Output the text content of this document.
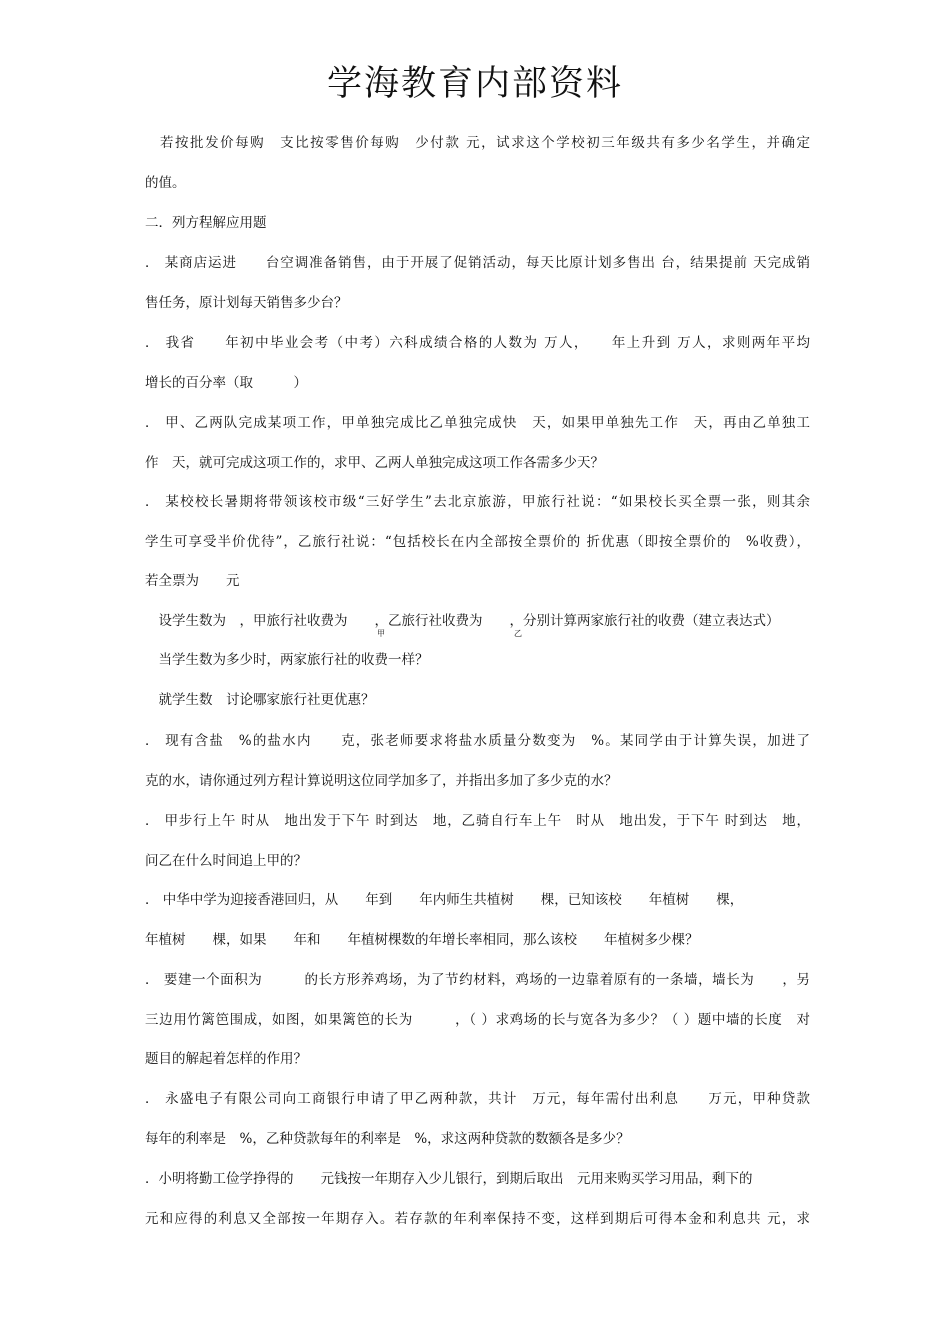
学海教育内部资料
　若按批发价每购　支比按零售价每购　少付款 元，试求这个学校初三年级共有多少名学生，并确定
的值。
二．列方程解应用题
． 某商店运进　　台空调准备销售，由于开展了促销活动，每天比原计划多售出 台，结果提前 天完成销
售任务，原计划每天销售多少台？
． 我省　　年初中毕业会考（中考）六科成绩合格的人数为 万人，　　年上升到 万人，求则两年平均
增长的百分率（取　　　）
． 甲、乙两队完成某项工作，甲单独完成比乙单独完成快　天，如果甲单独先工作　天，再由乙单独工
作　天，就可完成这项工作的，求甲、乙两人单独完成这项工作各需多少天？
． 某校校长暑期将带领该校市级“三好学生”去北京旅游，甲旅行社说：“如果校长买全票一张，则其余
学生可享受半价优待”，乙旅行社说：“包括校长在内全部按全票价的 折优惠（即按全票价的　%收费），
若全票为　　元
　设学生数为　，甲旅行社收费为　　，乙旅行社收费为　　，分别计算两家旅行社的收费（建立表达式）
甲	乙
　当学生数为多少时，两家旅行社的收费一样？
　就学生数　讨论哪家旅行社更优惠？
． 现有含盐　%的盐水内　　克，张老师要求将盐水质量分数变为　%。某同学由于计算失误，加进了
克的水，请你通过列方程计算说明这位同学加多了，并指出多加了多少克的水？
． 甲步行上午 时从　地出发于下午 时到达　地，乙骑自行车上午　时从　地出发，于下午 时到达　地，
问乙在什么时间追上甲的？
． 中华中学为迎接香港回归，从　　年到　　年内师生共植树　　棵，已知该校　　年植树　　棵，
年植树　　棵，如果　　年和　　年植树棵数的年增长率相同，那么该校　　年植树多少棵？
． 要建一个面积为　　　的长方形养鸡场，为了节约材料，鸡场的一边靠着原有的一条墙，墙长为　　，另
三边用竹篱笆围成，如图，如果篱笆的长为　　　，（ ）求鸡场的长与宽各为多少？（ ）题中墙的长度　对
题目的解起着怎样的作用？
． 永盛电子有限公司向工商银行申请了甲乙两种款，共计　万元，每年需付出利息　　万元，甲种贷款
每年的利率是　%，乙种贷款每年的利率是　%，求这两种贷款的数额各是多少？
．小明将勤工俭学挣得的　　元钱按一年期存入少儿银行，到期后取出　元用来购买学习用品，剩下的
元和应得的利息又全部按一年期存入。若存款的年利率保持不变，这样到期后可得本金和利息共 元，求
